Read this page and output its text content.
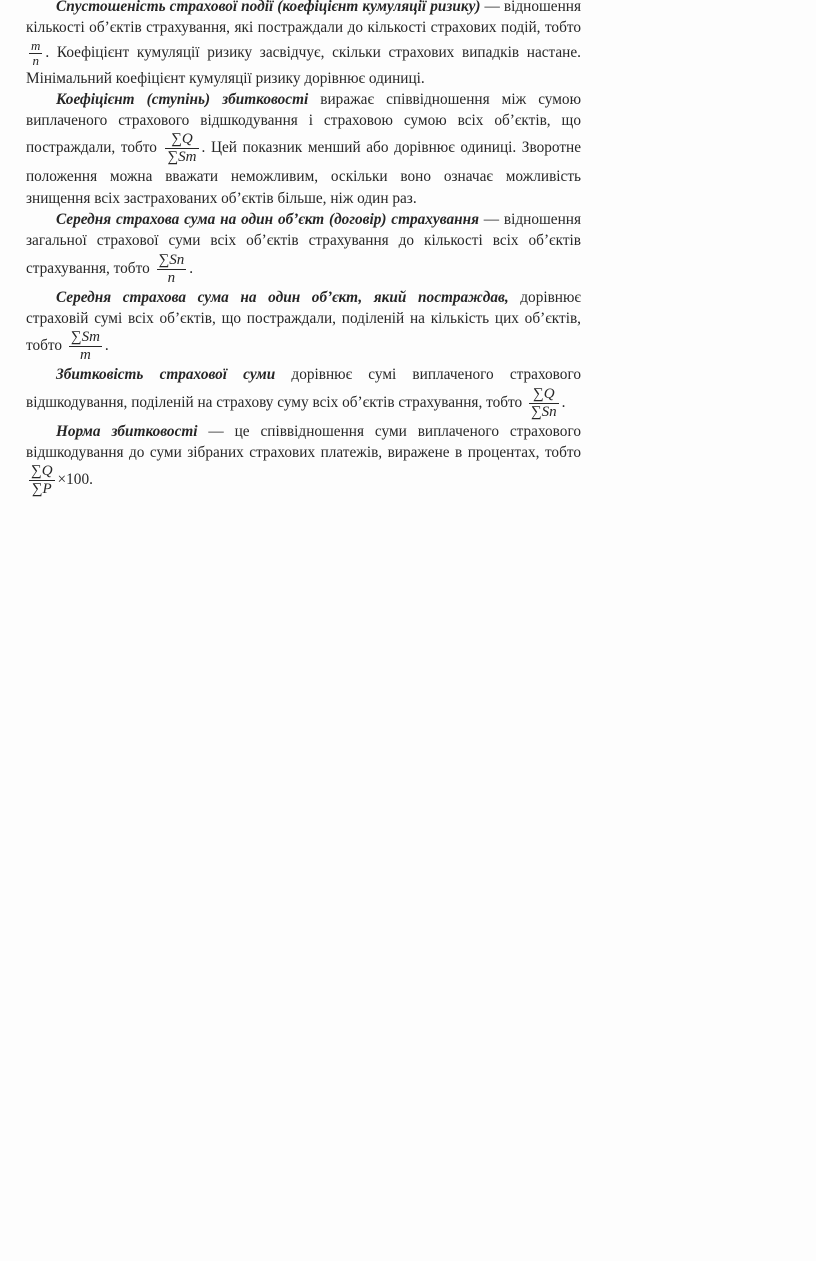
Спустошеність страхової події (коефіцієнт кумуляції ризику) — відношення кількості об’єктів страхування, які постраждали до кількості страхових подій, тобто
$\frac{m}{n}$ . Коефіцієнт кумуляції ризику засвідчує, скільки страхових випадків настане. Мінімальний коефіцієнт кумуляції ризику дорівнює одиниці.

Коефіцієнт (ступінь) збитковості виражає співвідношення між сумою виплаченого страхового відшкодування і страховою сумою всіх об’єктів, що постраждали, тобто $\frac{\sum Q}{\sum Sm}$ . Цей показник менший або дорівнює одиниці. Зворотне положення можна вважати неможливим, оскільки воно означає можливість знищення всіх застрахованих об’єктів більше, ніж один раз.

Середня страхова сума на один об’єкт (договір) страхування — відношення загальної страхової суми всіх об’єктів страхування до кількості всіх об’єктів страхування, тобто $\frac{\sum Sn}{n}$ .

Середня страхова сума на один об’єкт, який постраждав, дорівнює страховій сумі всіх об’єктів, що постраждали, поділеній на кількість цих об’єктів, тобто $\frac{\sum Sm}{m}$ .

Збитковість страхової суми дорівнює сумі виплаченого страхового відшкодування, поділеній на страхову суму всіх об’єктів страхування, тобто $\frac{\sum Q}{\sum Sn}$ .

Норма збитковості — це співвідношення суми виплаченого страхового відшкодування до суми зібраних страхових платежів, виражене в процентах, тобто
$\frac{\sum Q}{\sum P} \times 100$.
